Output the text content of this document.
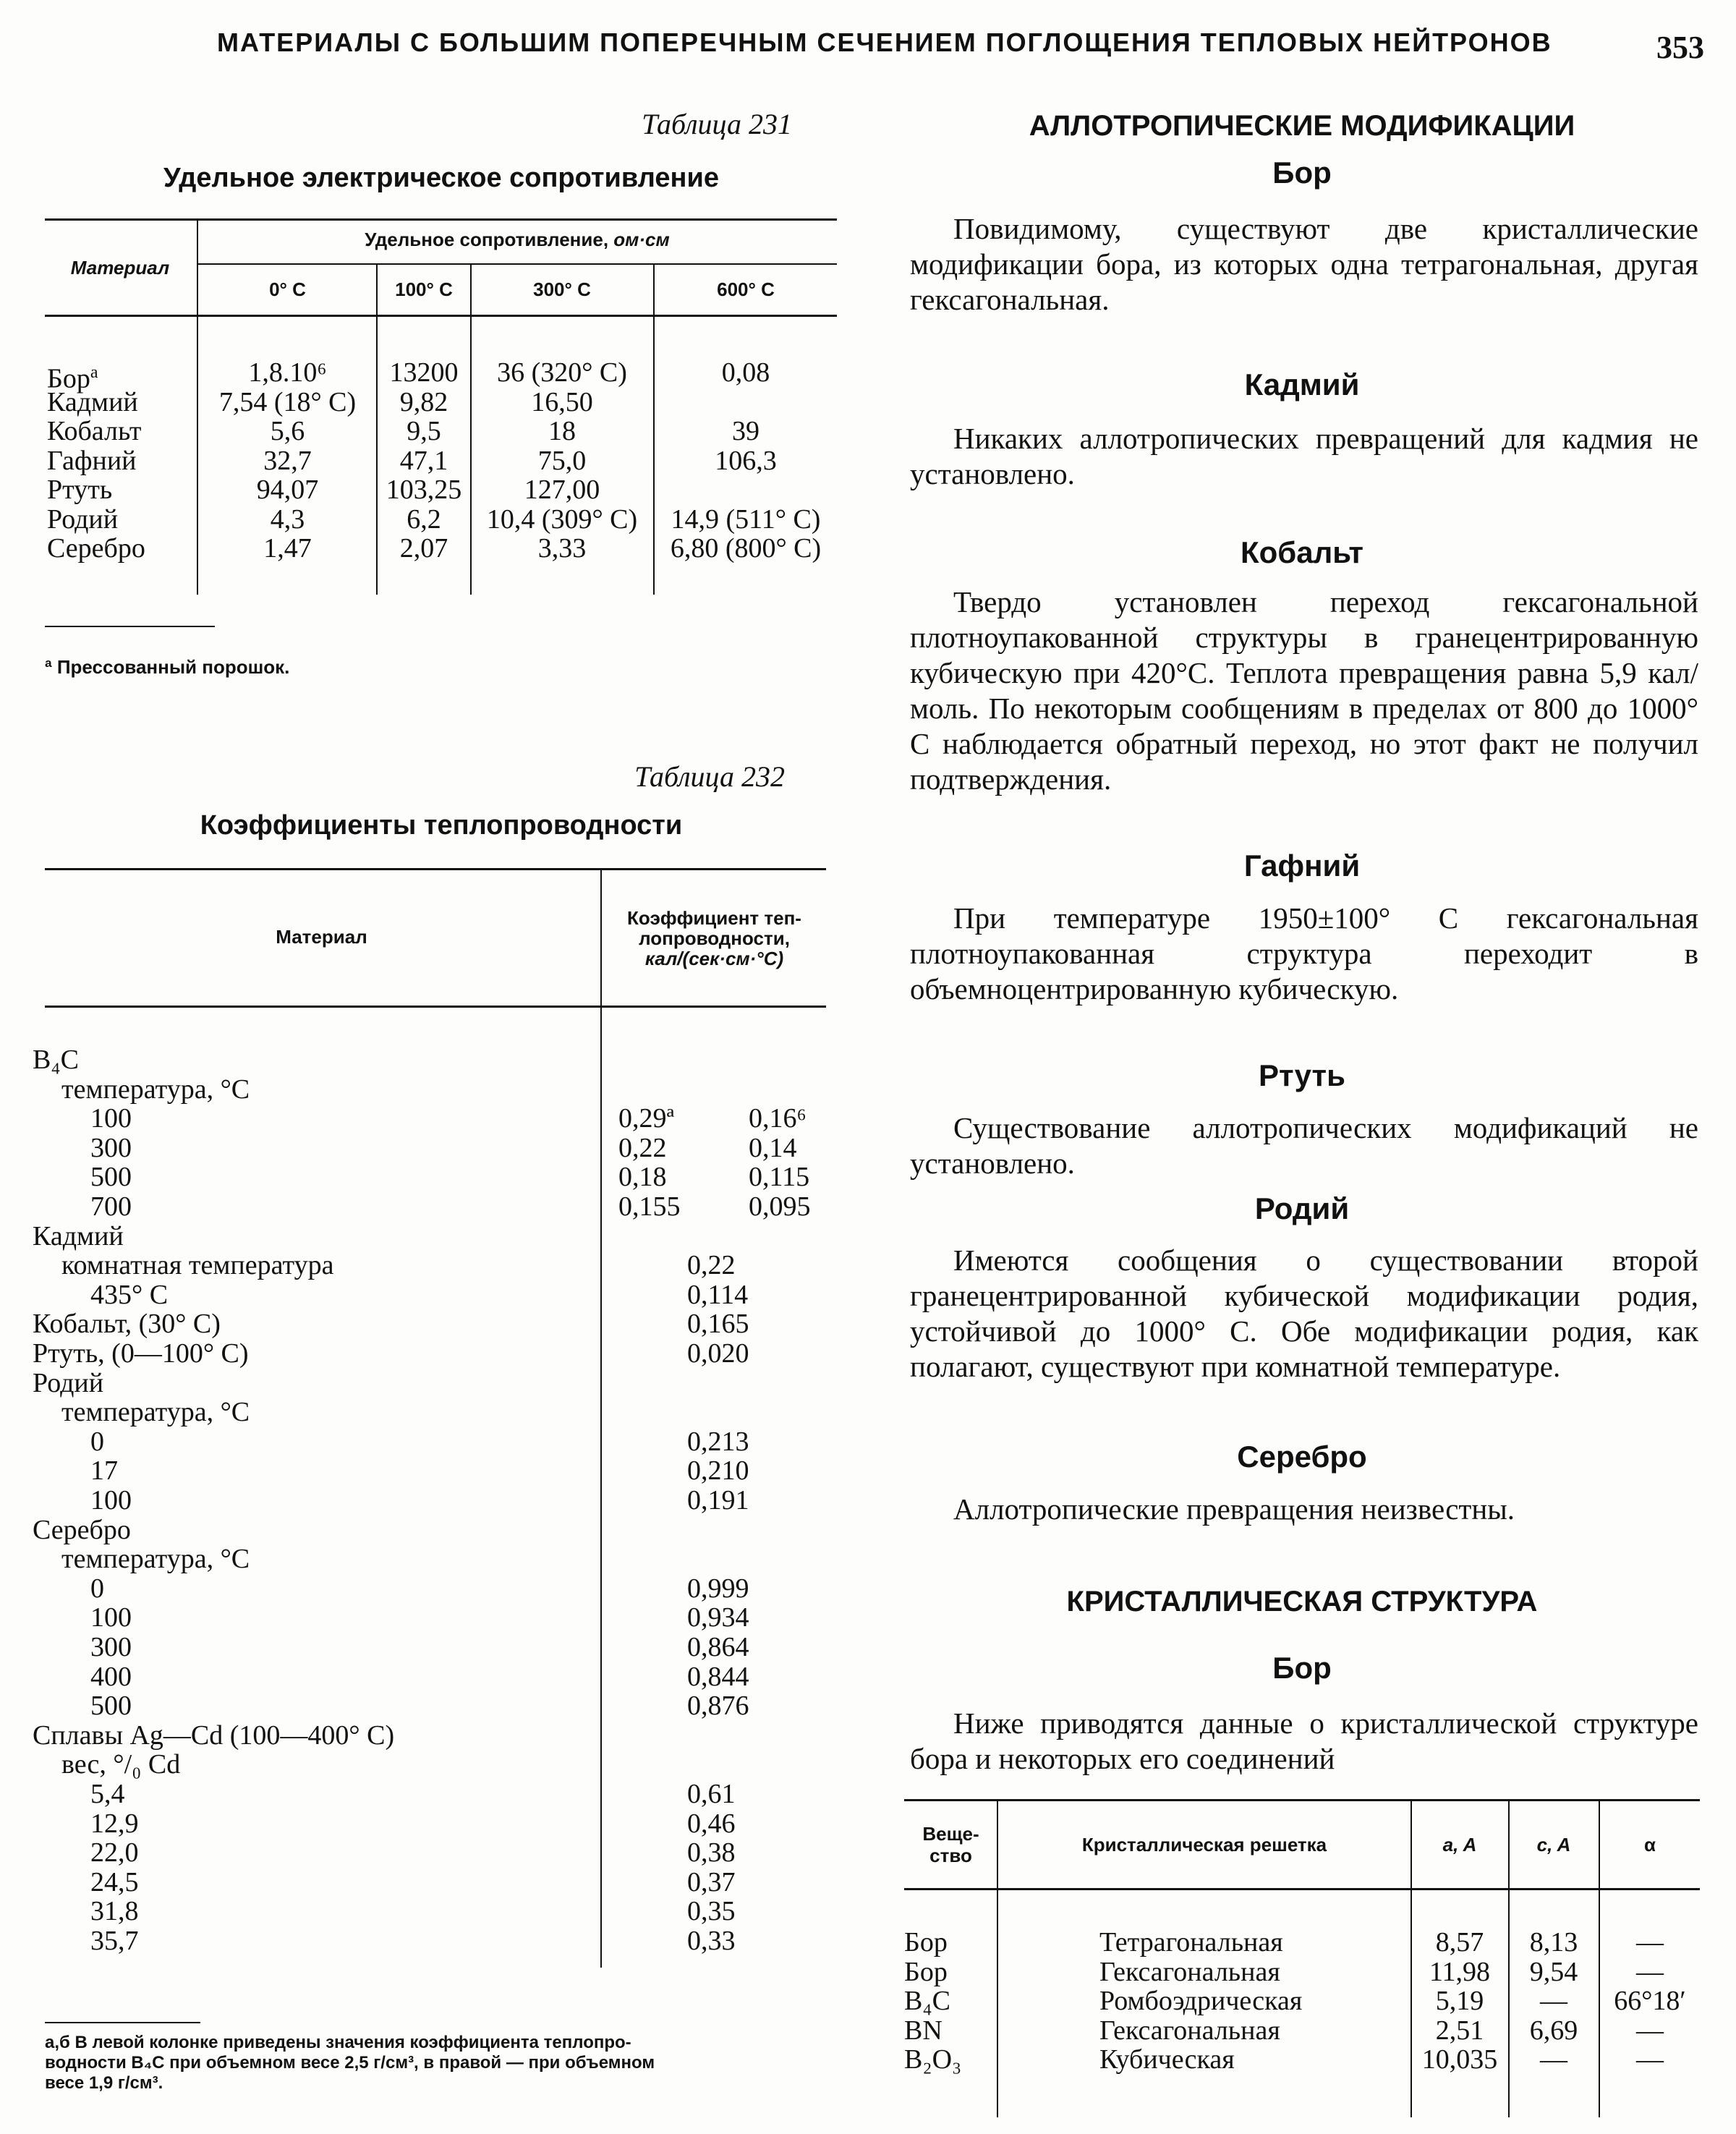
МАТЕРИАЛЫ С БОЛЬШИМ ПОПЕРЕЧНЫМ СЕЧЕНИЕМ ПОГЛОЩЕНИЯ ТЕПЛОВЫХ НЕЙТРОНОВ	353
Таблица 231
Удельное электрическое сопротивление
Материал
Удельное сопротивление, ом·см
0° С	100° С	300° С	600° С
Бор$^a$	1,8.10⁶	13200	36 (320° С)	0,08
Кадмий	7,54 (18° С)	9,82	16,50
Кобальт	5,6	9,5	18	39
Гафний	32,7	47,1	75,0	106,3
Ртуть	94,07	103,25	127,00
Родий	4,3	6,2	10,4 (309° С)	14,9 (511° С)
Серебро	1,47	2,07	3,33	6,80 (800° С)
ª Прессованный порошок.
Таблица 232
Коэффициенты теплопроводности
Материал
Коэффициент теп-
лопроводности,
кал/(сек·см·°С)
B₄C
температура, °С
100	0,29ª	0,16⁶
300	0,22	0,14
500	0,18	0,115
700	0,155 0,095
Кадмий
комнатная температура	0,22
435° С	0,114
Кобальт, (30° С)	0,165
Ртуть, (0—100° С)	0,020
Родий
температура, °С
0	0,213
17	0,210
100	0,191
Серебро
температура, °С
0	0,999
100	0,934
300	0,864
400	0,844
500	0,876
Сплавы Ag—Cd (100—400° С)
вес, °/₀ Cd
5,4	0,61
12,9	0,46
22,0	0,38
24,5	0,37
31,8	0,35
35,7	0,33
а,б В левой колонке приведены значения коэффициента теплопро-
водности B₄C при объемном весе 2,5 г/см³, в правой — при объемном
весе 1,9 г/см³.
АЛЛОТРОПИЧЕСКИЕ МОДИФИКАЦИИ
Бор
Повидимому, существуют две кристаллические модификации бора, из которых одна тетрагональная, другая гексагональная.
Кадмий
Никаких аллотропических превращений для кадмия не установлено.
Кобальт
Твердо установлен переход гексагональной плотноупакованной структуры в гранецентрированную кубическую при 420°С. Теплота превращения равна 5,9 кал/моль. По некоторым сообщениям в пределах от 800 до 1000° С наблюдается обратный переход, но этот факт не получил подтверждения.
Гафний
При температуре 1950±100° С гексагональная плотноупакованная структура переходит в объемноцентрированную кубическую.
Ртуть
Существование аллотропических модификаций не установлено.
Родий
Имеются сообщения о существовании второй гранецентрированной кубической модификации родия, устойчивой до 1000° С. Обе модификации родия, как полагают, существуют при комнатной температуре.
Серебро
Аллотропические превращения неизвестны.
КРИСТАЛЛИЧЕСКАЯ СТРУКТУРА
Бор
Ниже приводятся данные о кристаллической структуре бора и некоторых его соединений
Веще-
ство	Кристаллическая решетка	a, A	c, A	α
Бор	Тетрагональная	8,57	8,13	—
Бор	Гексагональная	11,98	9,54	—
B₄C	Ромбоэдрическая	5,19	—	66°18′
BN	Гексагональная	2,51	6,69	—
B₂O₃	Кубическая	10,035	—	—
